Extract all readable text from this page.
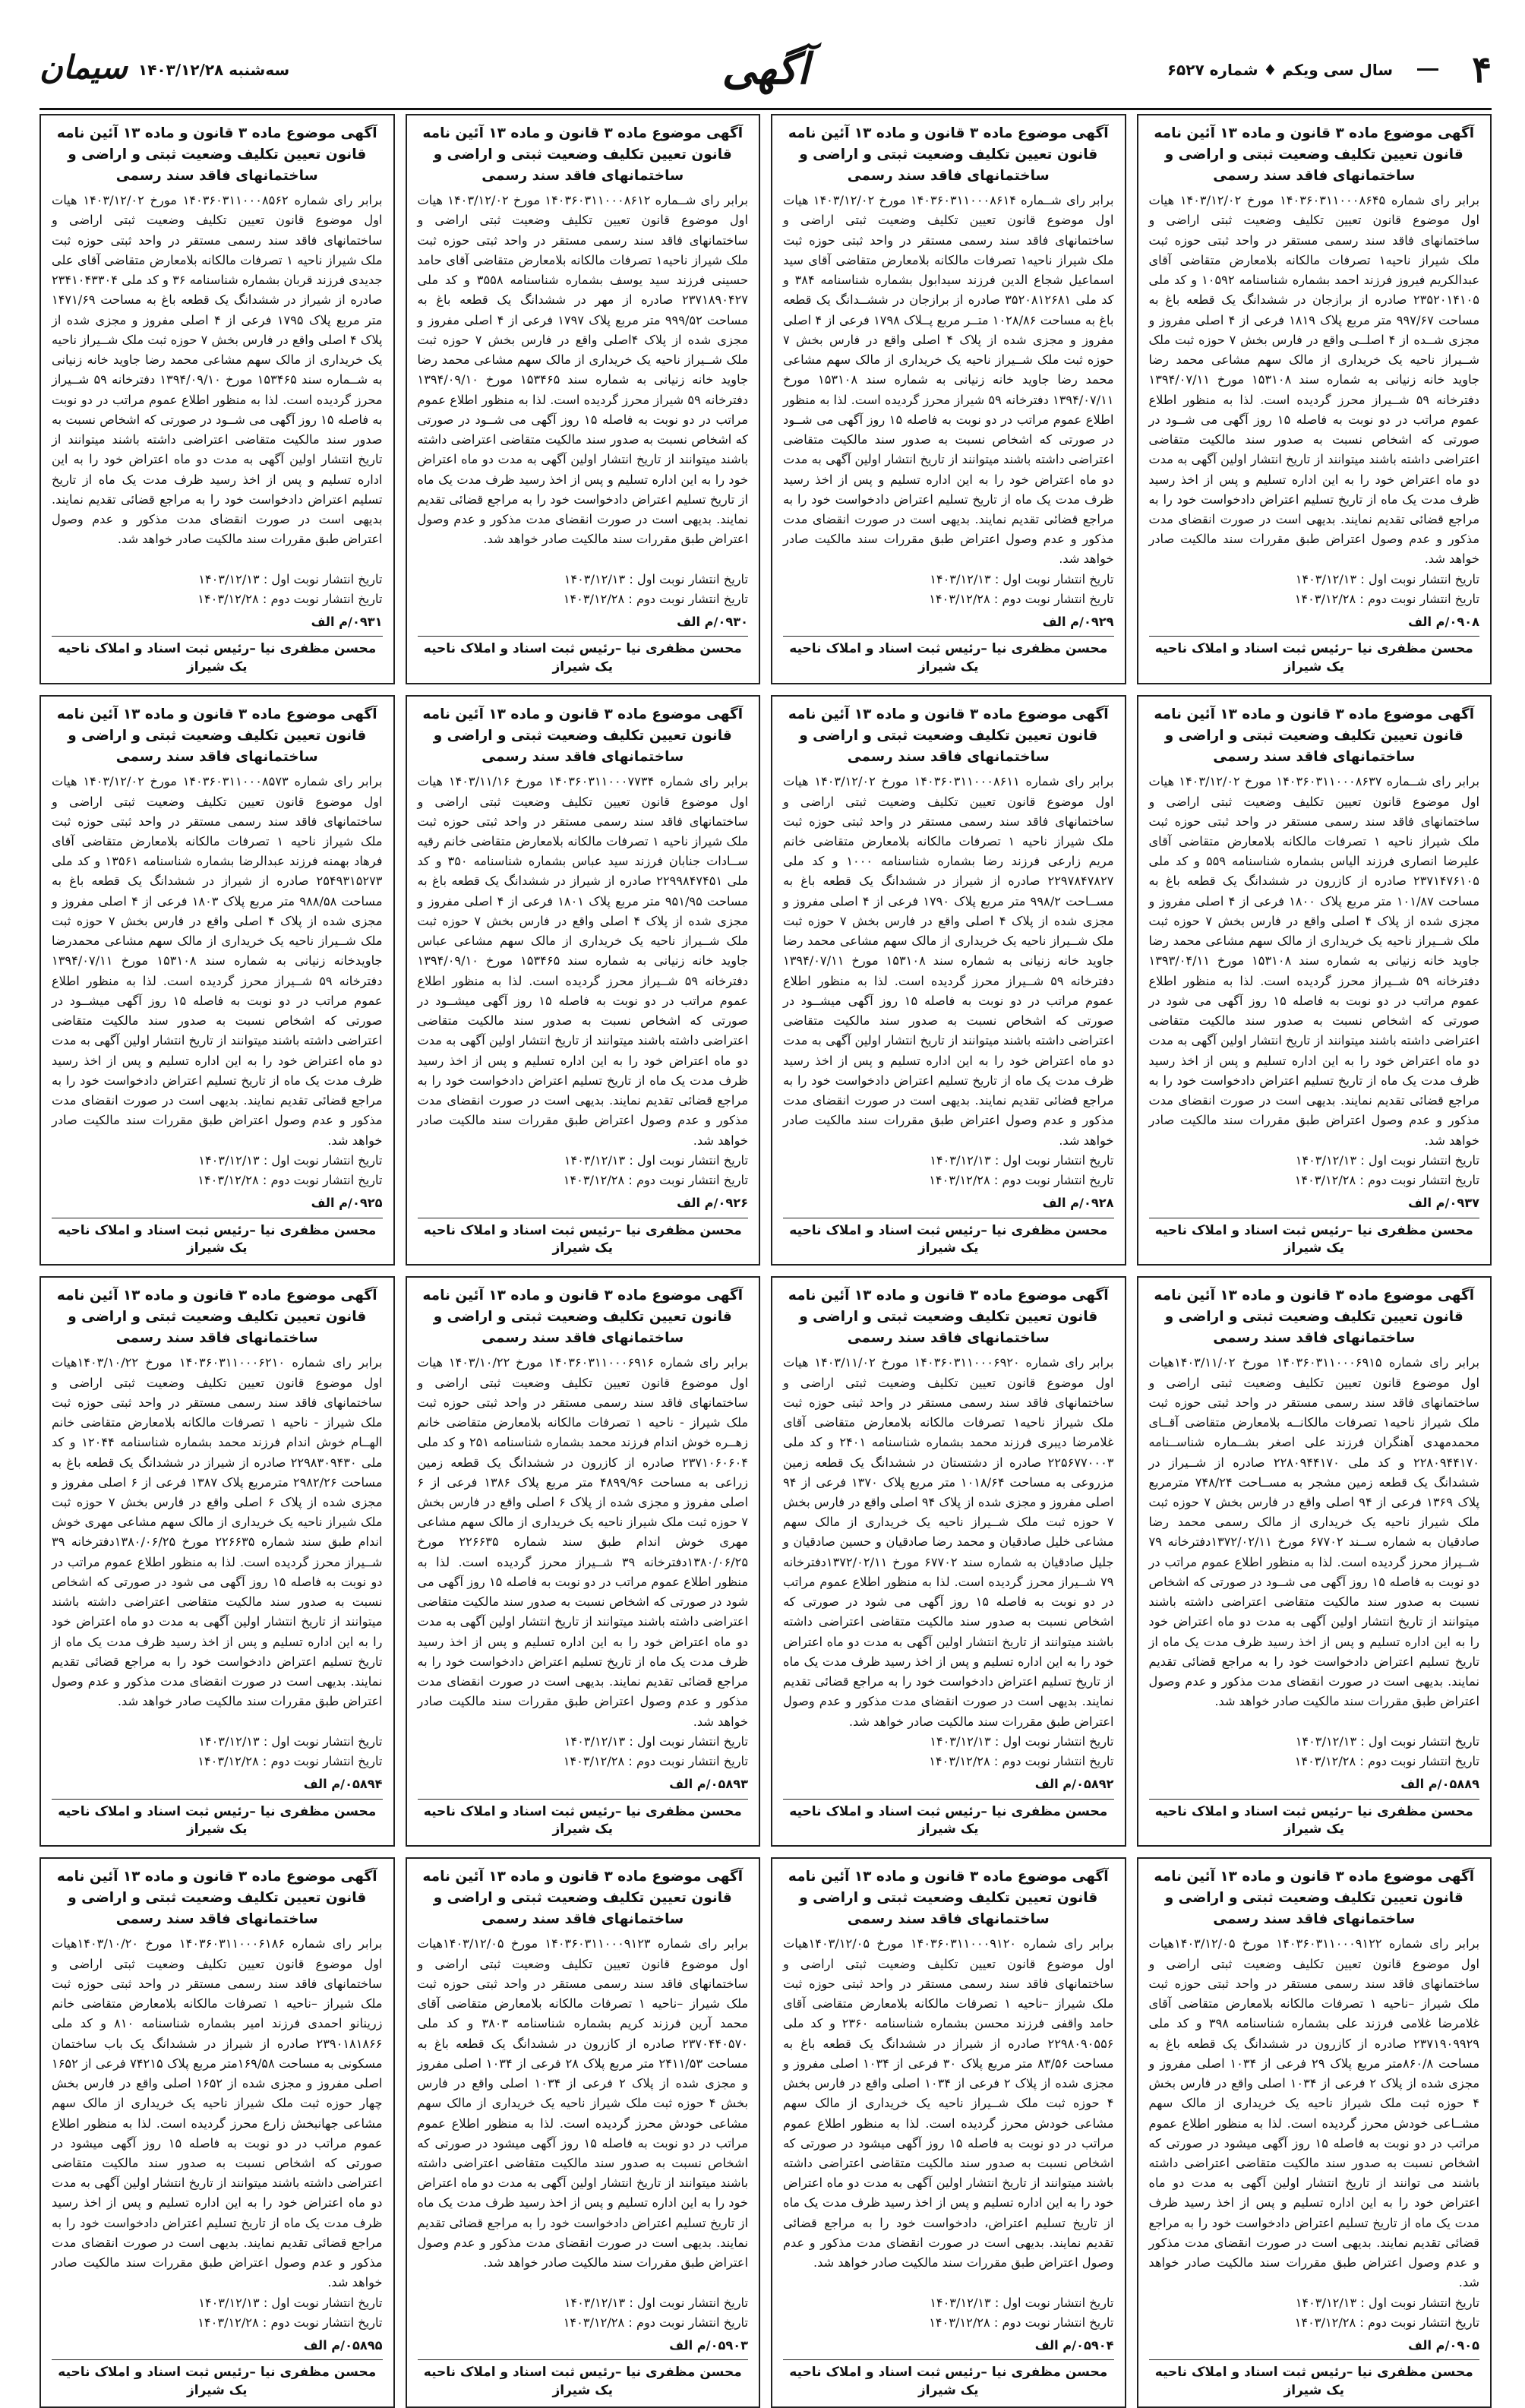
۴
سال سی ویکم ♦ شماره ۶۵۲۷
آگهی
سه‌شنبه ۱۴۰۳/۱۲/۲۸
سیمان
آگهی موضوع ماده ۳ قانون و ماده ۱۳ آئین نامه قانون تعیین تکلیف وضعیت ثبتی و اراضی و ساختمانهای فاقد سند رسمی
برابر رای شماره ۱۴۰۳۶۰۳۱۱۰۰۰۸۶۴۵ مورخ ۱۴۰۳/۱۲/۰۲ هیات اول موضوع قانون تعیین تکلیف وضعیت ثبتی اراضی و ساختمانهای فاقد سند رسمی مستقر در واحد ثبتی حوزه ثبت ملک شیراز ناحیه۱ تصرفات مالکانه بلامعارض متقاضی آقای عبدالکریم فیروز فرزند احمد بشماره شناسنامه ۱۰۵۹۲ و کد ملی ۲۳۵۲۰۱۴۱۰۵ صادره از برازجان در ششدانگ یک قطعه باغ به مساحت ۹۹۷/۶۷ متر مربع پلاک ۱۸۱۹ فرعی از ۴ اصلی مفروز و مجزی شــده از ۴ اصلــی واقع در فارس بخش ۷ حوزه ثبت ملک شــیراز ناحیه یک خریداری از مالک سهم مشاعی محمد رضا جاوید خانه زنیانی به شماره سند ۱۵۳۱۰۸ مورخ ۱۳۹۴/۰۷/۱۱ دفترخانه ۵۹ شــیراز محرز گردیده است. لذا به منظور اطلاع عموم مراتب در دو نوبت به فاصله ۱۵ روز آگهی می شــود در صورتی که اشخاص نسبت به صدور سند مالکیت متقاضی اعتراضی داشته باشند میتوانند از تاریخ انتشار اولین آگهی به مدت دو ماه اعتراض خود را به این اداره تسلیم و پس از اخذ رسید ظرف مدت یک ماه از تاریخ تسلیم اعتراض دادخواست خود را به مراجع قضائی تقدیم نمایند. بدیهی است در صورت انقضای مدت مذکور و عدم وصول اعتراض طبق مقررات سند مالکیت صادر خواهد شد.
تاریخ انتشار نوبت اول : ۱۴۰۳/۱۲/۱۳
تاریخ انتشار نوبت دوم : ۱۴۰۳/۱۲/۲۸
۰۹۰۸/م الف
محسن مظفری نیا –رئیس ثبت اسناد و املاک ناحیه یک شیراز
آگهی موضوع ماده ۳ قانون و ماده ۱۳ آئین نامه قانون تعیین تکلیف وضعیت ثبتی و اراضی و ساختمانهای فاقد سند رسمی
برابر رای شــماره ۱۴۰۳۶۰۳۱۱۰۰۰۸۶۱۴ مورخ ۱۴۰۳/۱۲/۰۲ هیات اول موضوع قانون تعیین تکلیف وضعیت ثبتی اراضی و ساختمانهای فاقد سند رسمی مستقر در واحد ثبتی حوزه ثبت ملک شیراز ناحیه۱ تصرفات مالکانه بلامعارض متقاضی آقای سید اسماعیل شجاع الدین فرزند سیدابول بشماره شناسنامه ۳۸۴ و کد ملی ۳۵۲۰۸۱۲۶۸۱ صادره از برازجان در ششــدانگ یک قطعه باغ به مساحت ۱۰۲۸/۸۶ متــر مربع پــلاک ۱۷۹۸ فرعی از ۴ اصلی مفروز و مجزی شده از پلاک ۴ اصلی واقع در فارس بخش ۷ حوزه ثبت ملک شــیراز ناحیه یک خریداری از مالک سهم مشاعی محمد رضا جاوید خانه زنیانی به شماره سند ۱۵۳۱۰۸ مورخ ۱۳۹۴/۰۷/۱۱ دفترخانه ۵۹ شیراز محرز گردیده است. لذا به منظور اطلاع عموم مراتب در دو نوبت به فاصله ۱۵ روز آگهی می شــود در صورتی که اشخاص نسبت به صدور سند مالکیت متقاضی اعتراضی داشته باشند میتوانند از تاریخ انتشار اولین آگهی به مدت دو ماه اعتراض خود را به این اداره تسلیم و پس از اخذ رسید ظرف مدت یک ماه از تاریخ تسلیم اعتراض دادخواست خود را به مراجع قضائی تقدیم نمایند. بدیهی است در صورت انقضای مدت مذکور و عدم وصول اعتراض طبق مقررات سند مالکیت صادر خواهد شد.
تاریخ انتشار نوبت اول : ۱۴۰۳/۱۲/۱۳
تاریخ انتشار نوبت دوم : ۱۴۰۳/۱۲/۲۸
۰۹۲۹/م الف
محسن مظفری نیا –رئیس ثبت اسناد و املاک ناحیه یک شیراز
آگهی موضوع ماده ۳ قانون و ماده ۱۳ آئین نامه قانون تعیین تکلیف وضعیت ثبتی و اراضی و ساختمانهای فاقد سند رسمی
برابر رای شــماره ۱۴۰۳۶۰۳۱۱۰۰۰۸۶۱۲ مورخ ۱۴۰۳/۱۲/۰۲ هیات اول موضوع قانون تعیین تکلیف وضعیت ثبتی اراضی و ساختمانهای فاقد سند رسمی مستقر در واحد ثبتی حوزه ثبت ملک شیراز ناحیه۱ تصرفات مالکانه بلامعارض متقاضی آقای حامد حسینی فرزند سید یوسف بشماره شناسنامه ۳۵۵۸ و کد ملی ۲۳۷۱۸۹۰۴۲۷ صادره از مهر در ششدانگ یک قطعه باغ به مساحت ۹۹۹/۵۲ متر مربع پلاک ۱۷۹۷ فرعی از ۴ اصلی مفروز و مجزی شده از پلاک ۴اصلی واقع در فارس بخش ۷ حوزه ثبت ملک شــیراز ناحیه یک خریداری از مالک سهم مشاعی محمد رضا جاوید خانه زنیانی به شماره سند ۱۵۳۴۶۵ مورخ ۱۳۹۴/۰۹/۱۰ دفترخانه ۵۹ شیراز محرز گردیده است. لذا به منظور اطلاع عموم مراتب در دو نوبت به فاصله ۱۵ روز آگهی می شــود در صورتی که اشخاص نسبت به صدور سند مالکیت متقاضی اعتراضی داشته باشند میتوانند از تاریخ انتشار اولین آگهی به مدت دو ماه اعتراض خود را به این اداره تسلیم و پس از اخذ رسید ظرف مدت یک ماه از تاریخ تسلیم اعتراض دادخواست خود را به مراجع قضائی تقدیم نمایند. بدیهی است در صورت انقضای مدت مذکور و عدم وصول اعتراض طبق مقررات سند مالکیت صادر خواهد شد.
تاریخ انتشار نوبت اول : ۱۴۰۳/۱۲/۱۳
تاریخ انتشار نوبت دوم : ۱۴۰۳/۱۲/۲۸
۰۹۳۰/م الف
محسن مظفری نیا –رئیس ثبت اسناد و املاک ناحیه یک شیراز
آگهی موضوع ماده ۳ قانون و ماده ۱۳ آئین نامه قانون تعیین تکلیف وضعیت ثبتی و اراضی و ساختمانهای فاقد سند رسمی
برابر رای شماره ۱۴۰۳۶۰۳۱۱۰۰۰۸۵۶۲ مورخ ۱۴۰۳/۱۲/۰۲ هیات اول موضوع قانون تعیین تکلیف وضعیت ثبتی اراضی و ساختمانهای فاقد سند رسمی مستقر در واحد ثبتی حوزه ثبت ملک شیراز ناحیه ۱ تصرفات مالکانه بلامعارض متقاضی آقای علی جدیدی فرزند قربان بشماره شناسنامه ۳۶ و کد ملی ۲۳۴۱۰۴۳۳۰۴ صادره از شیراز در ششدانگ یک قطعه باغ به مساحت ۱۴۷۱/۶۹ متر مربع پلاک ۱۷۹۵ فرعی از ۴ اصلی مفروز و مجزی شده از پلاک ۴ اصلی واقع در فارس بخش ۷ حوزه ثبت ملک شــیراز ناحیه یک خریداری از مالک سهم مشاعی محمد رضا جاوید خانه زنیانی به شــماره سند ۱۵۳۴۶۵ مورخ ۱۳۹۴/۰۹/۱۰ دفترخانه ۵۹ شــیراز محرز گردیده است. لذا به منظور اطلاع عموم مراتب در دو نوبت به فاصله ۱۵ روز آگهی می شــود در صورتی که اشخاص نسبت به صدور سند مالکیت متقاضی اعتراضی داشته باشند میتوانند از تاریخ انتشار اولین آگهی به مدت دو ماه اعتراض خود را به این اداره تسلیم و پس از اخذ رسید ظرف مدت یک ماه از تاریخ تسلیم اعتراض دادخواست خود را به مراجع قضائی تقدیم نمایند. بدیهی است در صورت انقضای مدت مذکور و عدم وصول اعتراض طبق مقررات سند مالکیت صادر خواهد شد.
تاریخ انتشار نوبت اول : ۱۴۰۳/۱۲/۱۳
تاریخ انتشار نوبت دوم : ۱۴۰۳/۱۲/۲۸
۰۹۳۱/م الف
محسن مظفری نیا –رئیس ثبت اسناد و املاک ناحیه یک شیراز
آگهی موضوع ماده ۳ قانون و ماده ۱۳ آئین نامه قانون تعیین تکلیف وضعیت ثبتی و اراضی و ساختمانهای فاقد سند رسمی
برابر رای شــماره ۱۴۰۳۶۰۳۱۱۰۰۰۸۶۳۷ مورخ ۱۴۰۳/۱۲/۰۲ هیات اول موضوع قانون تعیین تکلیف وضعیت ثبتی اراضی و ساختمانهای فاقد سند رسمی مستقر در واحد ثبتی حوزه ثبت ملک شیراز ناحیه ۱ تصرفات مالکانه بلامعارض متقاضی آقای علیرضا انصاری فرزند الیاس بشماره شناسنامه ۵۵۹ و کد ملی ۲۳۷۱۴۷۶۱۰۵ صادره از کازرون در ششدانگ یک قطعه باغ به مساحت ۱۰۱/۸۷ متر مربع پلاک ۱۸۰۰ فرعی از ۴ اصلی مفروز و مجزی شده از پلاک ۴ اصلی واقع در فارس بخش ۷ حوزه ثبت ملک شــیراز ناحیه یک خریداری از مالک سهم مشاعی محمد رضا جاوید خانه زنیانی به شماره سند ۱۵۳۱۰۸ مورخ ۱۳۹۳/۰۴/۱۱ دفترخانه ۵۹ شــیراز محرز گردیده است. لذا به منظور اطلاع عموم مراتب در دو نوبت به فاصله ۱۵ روز آگهی می شود در صورتی که اشخاص نسبت به صدور سند مالکیت متقاضی اعتراضی داشته باشند میتوانند از تاریخ انتشار اولین آگهی به مدت دو ماه اعتراض خود را به این اداره تسلیم و پس از اخذ رسید ظرف مدت یک ماه از تاریخ تسلیم اعتراض دادخواست خود را به مراجع قضائی تقدیم نمایند. بدیهی است در صورت انقضای مدت مذکور و عدم وصول اعتراض طبق مقررات سند مالکیت صادر خواهد شد.
تاریخ انتشار نوبت اول : ۱۴۰۳/۱۲/۱۳
تاریخ انتشار نوبت دوم : ۱۴۰۳/۱۲/۲۸
۰۹۳۷/م الف
محسن مظفری نیا –رئیس ثبت اسناد و املاک ناحیه یک شیراز
آگهی موضوع ماده ۳ قانون و ماده ۱۳ آئین نامه قانون تعیین تکلیف وضعیت ثبتی و اراضی و ساختمانهای فاقد سند رسمی
برابر رای شماره ۱۴۰۳۶۰۳۱۱۰۰۰۸۶۱۱ مورخ ۱۴۰۳/۱۲/۰۲ هیات اول موضوع قانون تعیین تکلیف وضعیت ثبتی اراضی و ساختمانهای فاقد سند رسمی مستقر در واحد ثبتی حوزه ثبت ملک شیراز ناحیه ۱ تصرفات مالکانه بلامعارض متقاضی خانم مریم زارعی فرزند رضا بشماره شناسنامه ۱۰۰۰ و کد ملی ۲۲۹۷۸۴۷۸۲۷ صادره از شیراز در ششدانگ یک قطعه باغ به مســاحت ۹۹۸/۲ متر مربع پلاک ۱۷۹۰ فرعی از ۴ اصلی مفروز و مجزی شده از پلاک ۴ اصلی واقع در فارس بخش ۷ حوزه ثبت ملک شــیراز ناحیه یک خریداری از مالک سهم مشاعی محمد رضا جاوید خانه زنیانی به شماره سند ۱۵۳۱۰۸ مورخ ۱۳۹۴/۰۷/۱۱ دفترخانه ۵۹ شــیراز محرز گردیده است. لذا به منظور اطلاع عموم مراتب در دو نوبت به فاصله ۱۵ روز آگهی میشــود در صورتی که اشخاص نسبت به صدور سند مالکیت متقاضی اعتراضی داشته باشند میتوانند از تاریخ انتشار اولین آگهی به مدت دو ماه اعتراض خود را به این اداره تسلیم و پس از اخذ رسید ظرف مدت یک ماه از تاریخ تسلیم اعتراض دادخواست خود را به مراجع قضائی تقدیم نمایند. بدیهی است در صورت انقضای مدت مذکور و عدم وصول اعتراض طبق مقررات سند مالکیت صادر خواهد شد.
تاریخ انتشار نوبت اول : ۱۴۰۳/۱۲/۱۳
تاریخ انتشار نوبت دوم : ۱۴۰۳/۱۲/۲۸
۰۹۲۸/م الف
محسن مظفری نیا –رئیس ثبت اسناد و املاک ناحیه یک شیراز
آگهی موضوع ماده ۳ قانون و ماده ۱۳ آئین نامه قانون تعیین تکلیف وضعیت ثبتی و اراضی و ساختمانهای فاقد سند رسمی
برابر رای شماره ۱۴۰۳۶۰۳۱۱۰۰۰۷۷۳۴ مورخ ۱۴۰۳/۱۱/۱۶ هیات اول موضوع قانون تعیین تکلیف وضعیت ثبتی اراضی و ساختمانهای فاقد سند رسمی مستقر در واحد ثبتی حوزه ثبت ملک شیراز ناحیه ۱ تصرفات مالکانه بلامعارض متقاضی خانم رقیه ســادات جنابان فرزند سید عباس بشماره شناسنامه ۳۵۰ و کد ملی ۲۲۹۹۸۴۷۴۵۱ صادره از شیراز در ششدانگ یک قطعه باغ به مساحت ۹۵۱/۹۵ متر مربع پلاک ۱۸۰۱ فرعی از ۴ اصلی مفروز و مجزی شده از پلاک ۴ اصلی واقع در فارس بخش ۷ حوزه ثبت ملک شــیراز ناحیه یک خریداری از مالک سهم مشاعی عباس جاوید خانه زنیانی به شماره سند ۱۵۳۴۶۵ مورخ ۱۳۹۴/۰۹/۱۰ دفترخانه ۵۹ شــیراز محرز گردیده است. لذا به منظور اطلاع عموم مراتب در دو نوبت به فاصله ۱۵ روز آگهی میشــود در صورتی که اشخاص نسبت به صدور سند مالکیت متقاضی اعتراضی داشته باشند میتوانند از تاریخ انتشار اولین آگهی به مدت دو ماه اعتراض خود را به این اداره تسلیم و پس از اخذ رسید ظرف مدت یک ماه از تاریخ تسلیم اعتراض دادخواست خود را به مراجع قضائی تقدیم نمایند. بدیهی است در صورت انقضای مدت مذکور و عدم وصول اعتراض طبق مقررات سند مالکیت صادر خواهد شد.
تاریخ انتشار نوبت اول : ۱۴۰۳/۱۲/۱۳
تاریخ انتشار نوبت دوم : ۱۴۰۳/۱۲/۲۸
۰۹۲۶/م الف
محسن مظفری نیا –رئیس ثبت اسناد و املاک ناحیه یک شیراز
آگهی موضوع ماده ۳ قانون و ماده ۱۳ آئین نامه قانون تعیین تکلیف وضعیت ثبتی و اراضی و ساختمانهای فاقد سند رسمی
برابر رای شماره ۱۴۰۳۶۰۳۱۱۰۰۰۸۵۷۳ مورخ ۱۴۰۳/۱۲/۰۲ هیات اول موضوع قانون تعیین تکلیف وضعیت ثبتی اراضی و ساختمانهای فاقد سند رسمی مستقر در واحد ثبتی حوزه ثبت ملک شیراز ناحیه ۱ تصرفات مالکانه بلامعارض متقاضی آقای فرهاد بهمنه فرزند عبدالرضا بشماره شناسنامه ۱۳۵۶۱ و کد ملی ۲۵۴۹۳۱۵۲۷۳ صادره از شیراز در ششدانگ یک قطعه باغ به مساحت ۹۸۸/۵۸ متر مربع پلاک ۱۸۰۳ فرعی از ۴ اصلی مفروز و مجزی شده از پلاک ۴ اصلی واقع در فارس بخش ۷ حوزه ثبت ملک شــیراز ناحیه یک خریداری از مالک سهم مشاعی محمدرضا جاویدخانه زنیانی به شماره سند ۱۵۳۱۰۸ مورخ ۱۳۹۴/۰۷/۱۱ دفترخانه ۵۹ شــیراز محرز گردیده است. لذا به منظور اطلاع عموم مراتب در دو نوبت به فاصله ۱۵ روز آگهی میشــود در صورتی که اشخاص نسبت به صدور سند مالکیت متقاضی اعتراضی داشته باشند میتوانند از تاریخ انتشار اولین آگهی به مدت دو ماه اعتراض خود را به این اداره تسلیم و پس از اخذ رسید ظرف مدت یک ماه از تاریخ تسلیم اعتراض دادخواست خود را به مراجع قضائی تقدیم نمایند. بدیهی است در صورت انقضای مدت مذکور و عدم وصول اعتراض طبق مقررات سند مالکیت صادر خواهد شد.
تاریخ انتشار نوبت اول : ۱۴۰۳/۱۲/۱۳
تاریخ انتشار نوبت دوم : ۱۴۰۳/۱۲/۲۸
۰۹۲۵/م الف
محسن مظفری نیا –رئیس ثبت اسناد و املاک ناحیه یک شیراز
آگهی موضوع ماده ۳ قانون و ماده ۱۳ آئین نامه قانون تعیین تکلیف وضعیت ثبتی و اراضی و ساختمانهای فاقد سند رسمی
برابر رای شماره ۱۴۰۳۶۰۳۱۱۰۰۰۶۹۱۵ مورخ ۱۴۰۳/۱۱/۰۲هیات اول موضوع قانون تعیین تکلیف وضعیت ثبتی اراضی و ساختمانهای فاقد سند رسمی مستقر در واحد ثبتی حوزه ثبت ملک شیراز ناحیه۱ تصرفات مالکانــه بلامعارض متقاضی آقــای محمدمهدی آهنگران فرزند علی اصغر بشــماره شناســنامه ۲۲۸۰۹۴۴۱۷۰ و کد ملی ۲۲۸۰۹۴۴۱۷۰ صادره از شــیراز در ششدانگ یک قطعه زمین مشجر به مســاحت ۷۴۸/۲۴ مترمربع پلاک ۱۳۶۹ فرعی از ۹۴ اصلی واقع در فارس بخش ۷ حوزه ثبت ملک شیراز ناحیه یک خریداری از مالک رسمی محمد رضا صادقیان به شماره ســند ۶۷۷۰۲ مورخ ۱۳۷۲/۰۲/۱۱دفترخانه ۷۹ شــیراز محرز گردیده است. لذا به منظور اطلاع عموم مراتب در دو نوبت به فاصله ۱۵ روز آگهی می شــود در صورتی که اشخاص نسبت به صدور سند مالکیت متقاضی اعتراضی داشته باشند میتوانند از تاریخ انتشار اولین آگهی به مدت دو ماه اعتراض خود را به این اداره تسلیم و پس از اخذ رسید ظرف مدت یک ماه از تاریخ تسلیم اعتراض دادخواست خود را به مراجع قضائی تقدیم نمایند. بدیهی است در صورت انقضای مدت مذکور و عدم وصول اعتراض طبق مقررات سند مالکیت صادر خواهد شد.
تاریخ انتشار نوبت اول : ۱۴۰۳/۱۲/۱۳
تاریخ انتشار نوبت دوم : ۱۴۰۳/۱۲/۲۸
۰۵۸۸۹/م الف
محسن مظفری نیا –رئیس ثبت اسناد و املاک ناحیه یک شیراز
آگهی موضوع ماده ۳ قانون و ماده ۱۳ آئین نامه قانون تعیین تکلیف وضعیت ثبتی و اراضی و ساختمانهای فاقد سند رسمی
برابر رای شماره ۱۴۰۳۶۰۳۱۱۰۰۰۶۹۲۰ مورخ ۱۴۰۳/۱۱/۰۲ هیات اول موضوع قانون تعیین تکلیف وضعیت ثبتی اراضی و ساختمانهای فاقد سند رسمی مستقر در واحد ثبتی حوزه ثبت ملک شیراز ناحیه۱ تصرفات مالکانه بلامعارض متقاضی آقای غلامرضا دیبری فرزند محمد بشماره شناسنامه ۲۴۰۱ و کد ملی ۲۲۵۶۷۷۰۰۰۳ صادره از دشتستان در ششدانگ یک قطعه زمین مزروعی به مساحت ۱۰۱۸/۶۴ متر مربع پلاک ۱۳۷۰ فرعی از ۹۴ اصلی مفروز و مجزی شده از پلاک ۹۴ اصلی واقع در فارس بخش ۷ حوزه ثبت ملک شــیراز ناحیه یک خریداری از مالک سهم مشاعی خلیل صادقیان و محمد رضا صادقیان و حسین صادقیان و جلیل صادقیان به شماره سند ۶۷۷۰۲ مورخ ۱۳۷۲/۰۲/۱۱دفترخانه ۷۹ شــیراز محرز گردیده است. لذا به منظور اطلاع عموم مراتب در دو نوبت به فاصله ۱۵ روز آگهی می شود در صورتی که اشخاص نسبت به صدور سند مالکیت متقاضی اعتراضی داشته باشند میتوانند از تاریخ انتشار اولین آگهی به مدت دو ماه اعتراض خود را به این اداره تسلیم و پس از اخذ رسید ظرف مدت یک ماه از تاریخ تسلیم اعتراض دادخواست خود را به مراجع قضائی تقدیم نمایند. بدیهی است در صورت انقضای مدت مذکور و عدم وصول اعتراض طبق مقررات سند مالکیت صادر خواهد شد.
تاریخ انتشار نوبت اول : ۱۴۰۳/۱۲/۱۳
تاریخ انتشار نوبت دوم : ۱۴۰۳/۱۲/۲۸
۰۵۸۹۲/م الف
محسن مظفری نیا –رئیس ثبت اسناد و املاک ناحیه یک شیراز
آگهی موضوع ماده ۳ قانون و ماده ۱۳ آئین نامه قانون تعیین تکلیف وضعیت ثبتی و اراضی و ساختمانهای فاقد سند رسمی
برابر رای شماره ۱۴۰۳۶۰۳۱۱۰۰۰۶۹۱۶ مورخ ۱۴۰۳/۱۰/۲۲ هیات اول موضوع قانون تعیین تکلیف وضعیت ثبتی اراضی و ساختمانهای فاقد سند رسمی مستقر در واحد ثبتی حوزه ثبت ملک شیراز - ناحیه ۱ تصرفات مالکانه بلامعارض متقاضی خانم زهــره خوش اندام فرزند محمد بشماره شناسنامه ۲۵۱ و کد ملی ۲۳۷۱۰۶۰۶۰۴ صادره از کازرون در ششدانگ یک قطعه زمین زراعی به مساحت ۴۸۹۹/۹۶ متر مربع پلاک ۱۳۸۶ فرعی از ۶ اصلی مفروز و مجزی شده از پلاک ۶ اصلی واقع در فارس بخش ۷ حوزه ثبت ملک شیراز ناحیه یک خریداری از مالک سهم مشاعی مهری خوش اندام طبق سند شماره ۲۲۶۶۳۵ مورخ ۱۳۸۰/۰۶/۲۵دفترخانه ۳۹ شــیراز محرز گردیده است. لذا به منظور اطلاع عموم مراتب در دو نوبت به فاصله ۱۵ روز آگهی می شود در صورتی که اشخاص نسبت به صدور سند مالکیت متقاضی اعتراضی داشته باشند میتوانند از تاریخ انتشار اولین آگهی به مدت دو ماه اعتراض خود را به این اداره تسلیم و پس از اخذ رسید ظرف مدت یک ماه از تاریخ تسلیم اعتراض دادخواست خود را به مراجع قضائی تقدیم نمایند. بدیهی است در صورت انقضای مدت مذکور و عدم وصول اعتراض طبق مقررات سند مالکیت صادر خواهد شد.
تاریخ انتشار نوبت اول : ۱۴۰۳/۱۲/۱۳
تاریخ انتشار نوبت دوم : ۱۴۰۳/۱۲/۲۸
۰۵۸۹۳/م الف
محسن مظفری نیا –رئیس ثبت اسناد و املاک ناحیه یک شیراز
آگهی موضوع ماده ۳ قانون و ماده ۱۳ آئین نامه قانون تعیین تکلیف وضعیت ثبتی و اراضی و ساختمانهای فاقد سند رسمی
برابر رای شماره ۱۴۰۳۶۰۳۱۱۰۰۰۶۲۱۰ مورخ ۱۴۰۳/۱۰/۲۲هیات اول موضوع قانون تعیین تکلیف وضعیت ثبتی اراضی و ساختمانهای فاقد سند رسمی مستقر در واحد ثبتی حوزه ثبت ملک شیراز - ناحیه ۱ تصرفات مالکانه بلامعارض متقاضی خانم الهــام خوش اندام فرزند محمد بشماره شناسنامه ۱۲۰۴۴ و کد ملی ۲۲۹۸۳۰۹۴۳۰ صادره از شیراز در ششدانگ یک قطعه باغ به مساحت ۲۹۸۲/۲۶ مترمربع پلاک ۱۳۸۷ فرعی از ۶ اصلی مفروز و مجزی شده از پلاک ۶ اصلی واقع در فارس بخش ۷ حوزه ثبت ملک شیراز ناحیه یک خریداری از مالک سهم مشاعی مهری خوش اندام طبق سند شماره ۲۲۶۶۳۵ مورخ ۱۳۸۰/۰۶/۲۵دفترخانه ۳۹ شــیراز محرز گردیده است. لذا به منظور اطلاع عموم مراتب در دو نوبت به فاصله ۱۵ روز آگهی می شود در صورتی که اشخاص نسبت به صدور سند مالکیت متقاضی اعتراضی داشته باشند میتوانند از تاریخ انتشار اولین آگهی به مدت دو ماه اعتراض خود را به این اداره تسلیم و پس از اخذ رسید ظرف مدت یک ماه از تاریخ تسلیم اعتراض دادخواست خود را به مراجع قضائی تقدیم نمایند. بدیهی است در صورت انقضای مدت مذکور و عدم وصول اعتراض طبق مقررات سند مالکیت صادر خواهد شد.
تاریخ انتشار نوبت اول : ۱۴۰۳/۱۲/۱۳
تاریخ انتشار نوبت دوم : ۱۴۰۳/۱۲/۲۸
۰۵۸۹۴/م الف
محسن مظفری نیا –رئیس ثبت اسناد و املاک ناحیه یک شیراز
آگهی موضوع ماده ۳ قانون و ماده ۱۳ آئین نامه قانون تعیین تکلیف وضعیت ثبتی و اراضی و ساختمانهای فاقد سند رسمی
برابر رای شماره ۱۴۰۳۶۰۳۱۱۰۰۰۹۱۲۲ مورخ ۱۴۰۳/۱۲/۰۵هیات اول موضوع قانون تعیین تکلیف وضعیت ثبتی اراضی و ساختمانهای فاقد سند رسمی مستقر در واحد ثبتی حوزه ثبت ملک شیراز –ناحیه ۱ تصرفات مالکانه بلامعارض متقاضی آقای غلامرضا غلامی فرزند علی بشماره شناسنامه ۳۹۸ و کد ملی ۲۳۷۱۹۰۹۹۲۹ صادره از کازرون در ششدانگ یک قطعه باغ به مساحت ۸۶۰/۸متر مربع پلاک ۲۹ فرعی از ۱۰۳۴ اصلی مفروز و مجزی شده از پلاک ۲ فرعی از ۱۰۳۴ اصلی واقع در فارس بخش ۴ حوزه ثبت ملک شیراز ناحیه یک خریداری از مالک سهم مشــاعی خودش محرز گردیده است. لذا به منظور اطلاع عموم مراتب در دو نوبت به فاصله ۱۵ روز آگهی میشود در صورتی که اشخاص نسبت به صدور سند مالکیت متقاضی اعتراضی داشته باشند می توانند از تاریخ انتشار اولین آگهی به مدت دو ماه اعتراض خود را به این اداره تسلیم و پس از اخذ رسید ظرف مدت یک ماه از تاریخ تسلیم اعتراض دادخواست خود را به مراجع قضائی تقدیم نمایند. بدیهی است در صورت انقضای مدت مذکور و عدم وصول اعتراض طبق مقررات سند مالکیت صادر خواهد شد.
تاریخ انتشار نوبت اول : ۱۴۰۳/۱۲/۱۳
تاریخ انتشار نوبت دوم : ۱۴۰۳/۱۲/۲۸
۰۹۰۵/م الف
محسن مظفری نیا –رئیس ثبت اسناد و املاک ناحیه یک شیراز
آگهی موضوع ماده ۳ قانون و ماده ۱۳ آئین نامه قانون تعیین تکلیف وضعیت ثبتی و اراضی و ساختمانهای فاقد سند رسمی
برابر رای شماره ۱۴۰۳۶۰۳۱۱۰۰۰۹۱۲۰ مورخ ۱۴۰۳/۱۲/۰۵هیات اول موضوع قانون تعیین تکلیف وضعیت ثبتی اراضی و ساختمانهای فاقد سند رسمی مستقر در واحد ثبتی حوزه ثبت ملک شیراز –ناحیه ۱ تصرفات مالکانه بلامعارض متقاضی آقای حامد واقفی فرزند محسن بشماره شناسنامه ۲۳۶۰ و کد ملی ۲۲۹۸۰۹۰۵۵۶ صادره از شیراز در ششدانگ یک قطعه باغ به مساحت ۸۳/۵۶ متر مربع پلاک ۳۰ فرعی از ۱۰۳۴ اصلی مفروز و مجزی شده از پلاک ۲ فرعی از ۱۰۳۴ اصلی واقع در فارس بخش ۴ حوزه ثبت ملک شــیراز ناحیه یک خریداری از مالک سهم مشاعی خودش محرز گردیده است. لذا به منظور اطلاع عموم مراتب در دو نوبت به فاصله ۱۵ روز آگهی میشود در صورتی که اشخاص نسبت به صدور سند مالکیت متقاضی اعتراضی داشته باشند میتوانند از تاریخ انتشار اولین آگهی به مدت دو ماه اعتراض خود را به این اداره تسلیم و پس از اخذ رسید ظرف مدت یک ماه از تاریخ تسلیم اعتراض، دادخواست خود را به مراجع قضائی تقدیم نمایند. بدیهی است در صورت انقضای مدت مذکور و عدم وصول اعتراض طبق مقررات سند مالکیت صادر خواهد شد.
تاریخ انتشار نوبت اول : ۱۴۰۳/۱۲/۱۳
تاریخ انتشار نوبت دوم : ۱۴۰۳/۱۲/۲۸
۰۵۹۰۴/م الف
محسن مظفری نیا –رئیس ثبت اسناد و املاک ناحیه یک شیراز
آگهی موضوع ماده ۳ قانون و ماده ۱۳ آئین نامه قانون تعیین تکلیف وضعیت ثبتی و اراضی و ساختمانهای فاقد سند رسمی
برابر رای شماره ۱۴۰۳۶۰۳۱۱۰۰۰۹۱۲۳ مورخ ۱۴۰۳/۱۲/۰۵هیات اول موضوع قانون تعیین تکلیف وضعیت ثبتی اراضی و ساختمانهای فاقد سند رسمی مستقر در واحد ثبتی حوزه ثبت ملک شیراز –ناحیه ۱ تصرفات مالکانه بلامعارض متقاضی آقای محمد آرین فرزند کریم بشماره شناسنامه ۳۸۰۳ و کد ملی ۲۳۷۰۴۴۰۵۷۰ صادره از کازرون در ششدانگ یک قطعه باغ به مساحت ۲۴۱۱/۵۳ متر مربع پلاک ۲۸ فرعی از ۱۰۳۴ اصلی مفروز و مجزی شده از پلاک ۲ فرعی از ۱۰۳۴ اصلی واقع در فارس بخش ۴ حوزه ثبت ملک شیراز ناحیه یک خریداری از مالک سهم مشاعی خودش محرز گردیده است. لذا به منظور اطلاع عموم مراتب در دو نوبت به فاصله ۱۵ روز آگهی میشود در صورتی که اشخاص نسبت به صدور سند مالکیت متقاضی اعتراضی داشته باشند میتوانند از تاریخ انتشار اولین آگهی به مدت دو ماه اعتراض خود را به این اداره تسلیم و پس از اخذ رسید ظرف مدت یک ماه از تاریخ تسلیم اعتراض دادخواست خود را به مراجع قضائی تقدیم نمایند. بدیهی است در صورت انقضای مدت مذکور و عدم وصول اعتراض طبق مقررات سند مالکیت صادر خواهد شد.
تاریخ انتشار نوبت اول : ۱۴۰۳/۱۲/۱۳
تاریخ انتشار نوبت دوم : ۱۴۰۳/۱۲/۲۸
۰۵۹۰۳/م الف
محسن مظفری نیا –رئیس ثبت اسناد و املاک ناحیه یک شیراز
آگهی موضوع ماده ۳ قانون و ماده ۱۳ آئین نامه قانون تعیین تکلیف وضعیت ثبتی و اراضی و ساختمانهای فاقد سند رسمی
برابر رای شماره ۱۴۰۳۶۰۳۱۱۰۰۰۶۱۸۶ مورخ ۱۴۰۳/۱۰/۲۰هیات اول موضوع قانون تعیین تکلیف وضعیت ثبتی اراضی و ساختمانهای فاقد سند رسمی مستقر در واحد ثبتی حوزه ثبت ملک شیراز –ناحیه ۱ تصرفات مالکانه بلامعارض متقاضی خانم زرینانو احمدی فرزند امیر بشماره شناسنامه ۸۱۰ و کد ملی ۲۳۹۰۱۸۱۸۶۶ صادره از شیراز در ششدانگ یک باب ساختمان مسکونی به مساحت ۱۶۹/۵۸متر مربع پلاک ۷۴۲۱۵ فرعی از ۱۶۵۲ اصلی مفروز و مجزی شده از ۱۶۵۲ اصلی واقع در فارس بخش چهار حوزه ثبت ملک شیراز ناحیه یک خریداری از مالک سهم مشاعی جهانبخش زارع محرز گردیده است. لذا به منظور اطلاع عموم مراتب در دو نوبت به فاصله ۱۵ روز آگهی میشود در صورتی که اشخاص نسبت به صدور سند مالکیت متقاضی اعتراضی داشته باشند میتوانند از تاریخ انتشار اولین آگهی به مدت دو ماه اعتراض خود را به این اداره تسلیم و پس از اخذ رسید ظرف مدت یک ماه از تاریخ تسلیم اعتراض دادخواست خود را به مراجع قضائی تقدیم نمایند. بدیهی است در صورت انقضای مدت مذکور و عدم وصول اعتراض طبق مقررات سند مالکیت صادر خواهد شد.
تاریخ انتشار نوبت اول : ۱۴۰۳/۱۲/۱۳
تاریخ انتشار نوبت دوم : ۱۴۰۳/۱۲/۲۸
۰۵۸۹۵/م الف
محسن مظفری نیا –رئیس ثبت اسناد و املاک ناحیه یک شیراز
